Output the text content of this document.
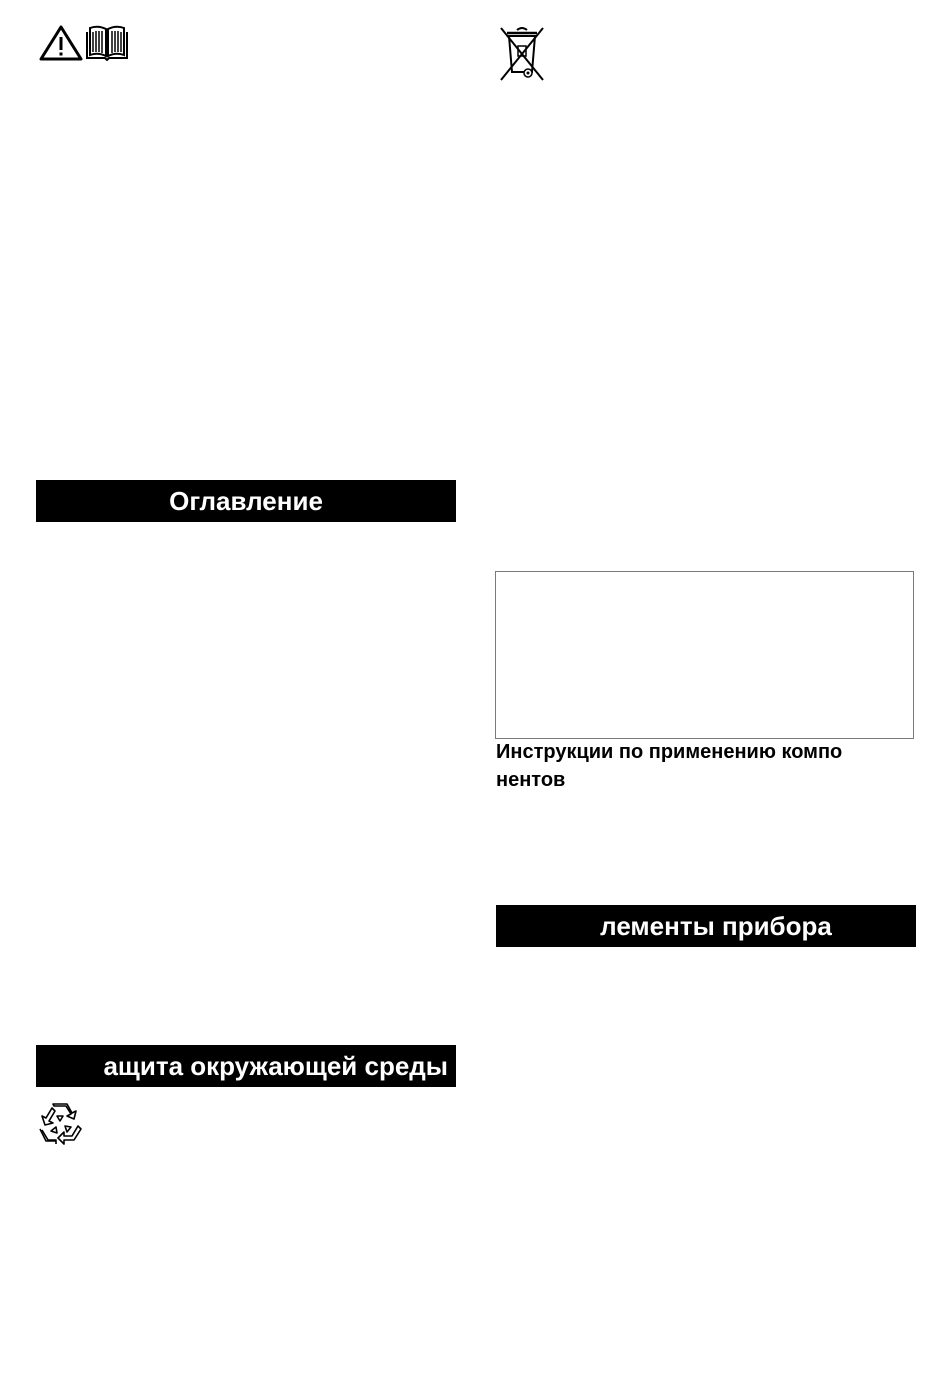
Оглавление
Инструкции по применению компо
нентов
лементы прибора
ащита окружающей среды
